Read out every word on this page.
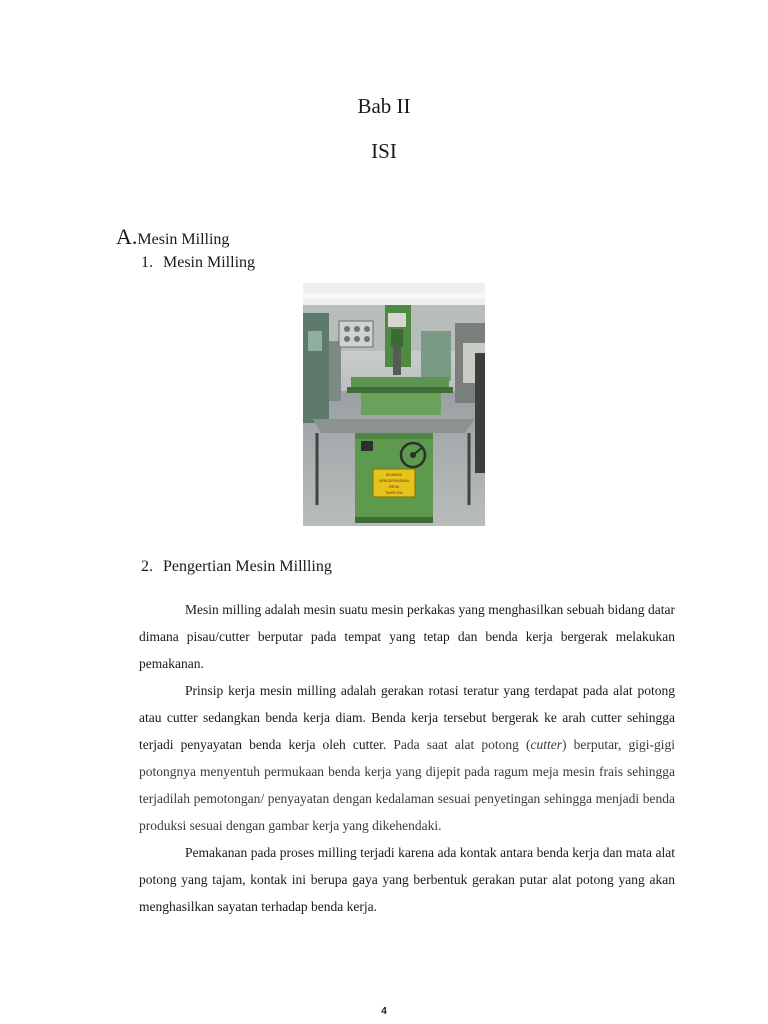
Bab II
ISI
A.Mesin Milling
1. Mesin Milling
DILARANG
MENGOPERASIKAN
MESIN
TANPA IZIN
2. Pengertian Mesin Millling

Mesin milling adalah mesin suatu mesin perkakas yang menghasilkan sebuah bidang datar dimana pisau/cutter berputar pada tempat yang tetap dan benda kerja bergerak melakukan pemakanan.

Prinsip kerja mesin milling adalah gerakan rotasi teratur yang terdapat pada alat potong atau cutter sedangkan benda kerja diam. Benda kerja tersebut bergerak ke arah cutter sehingga terjadi penyayatan benda kerja oleh cutter. Pada saat alat potong (cutter) berputar, gigi-gigi potongnya menyentuh permukaan benda kerja yang dijepit pada ragum meja mesin frais sehingga terjadilah pemotongan/ penyayatan dengan kedalaman sesuai penyetingan sehingga menjadi benda produksi sesuai dengan gambar kerja yang dikehendaki.

Pemakanan pada proses milling terjadi karena ada kontak antara benda kerja dan mata alat potong yang tajam, kontak ini berupa gaya yang berbentuk gerakan putar alat potong yang akan menghasilkan sayatan terhadap benda kerja.

4
